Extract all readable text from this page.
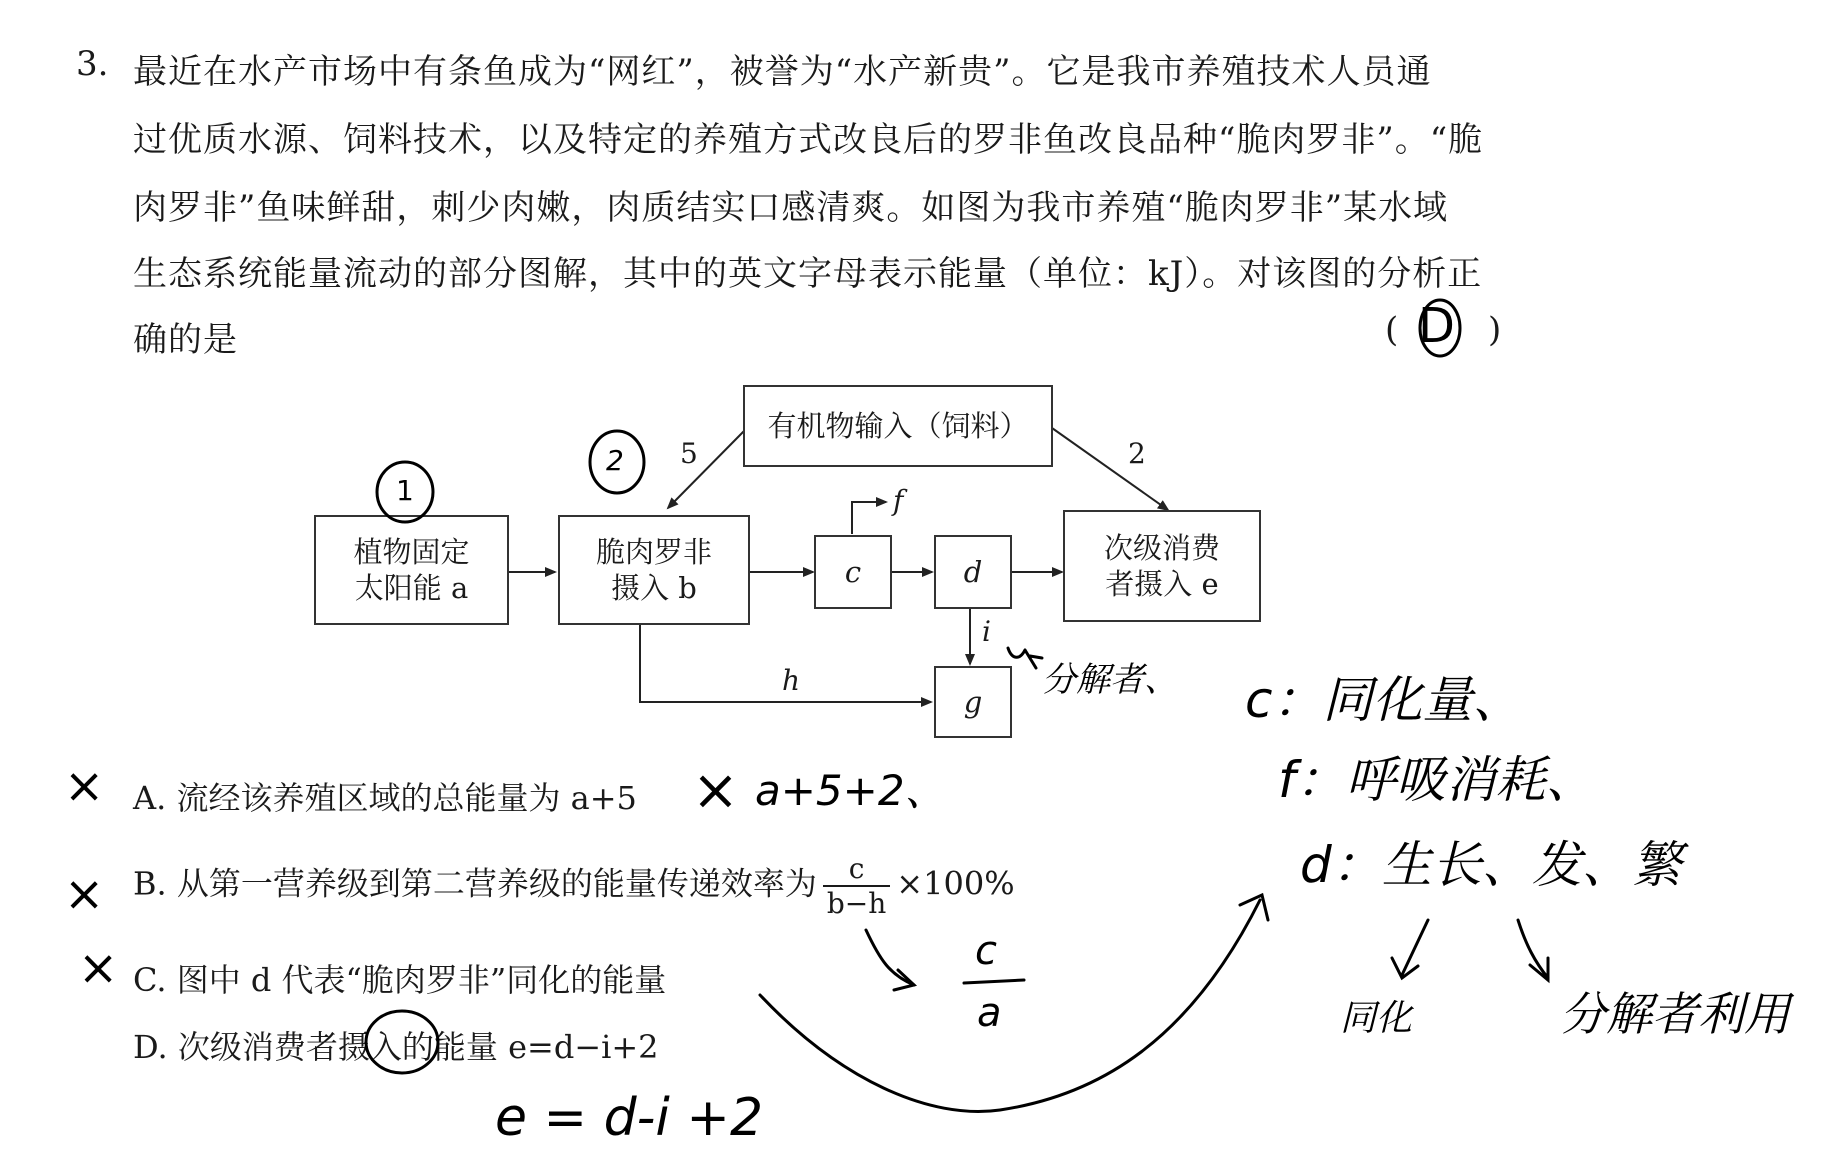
3. 最近在水产市场中有条鱼成为“网红”，被誉为“水产新贵”。它是我市养殖技术人员通
过优质水源、饲料技术，以及特定的养殖方式改良后的罗非鱼改良品种“脆肉罗非”。“脆
肉罗非”鱼味鲜甜，刺少肉嫩，肉质结实口感清爽。如图为我市养殖“脆肉罗非”某水域
生态系统能量流动的部分图解，其中的英文字母表示能量（单位：kJ）。对该图的分析正
确的是	(	)
有机物输入（饲料）
植物固定
太阳能 a
脆肉罗非
摄入 b	c	d
次级消费
者摄入 e
g
5	2
f
i
h
A. 流经该养殖区域的总能量为 a+5
B. 从第一营养级到第二营养级的能量传递效率为 $\frac{c}{b-h} \times 100\%$
C. 图中 d 代表“脆肉罗非”同化的能量
D. 次级消费者摄入的能量 e=d−i+2
D
1
2
分解者、 c：同化量、
f：呼吸消耗、
d：生长、发、繁
同化	分解者利用
a+5+2、
c
a
e = d-i +2
×	×
×
×
